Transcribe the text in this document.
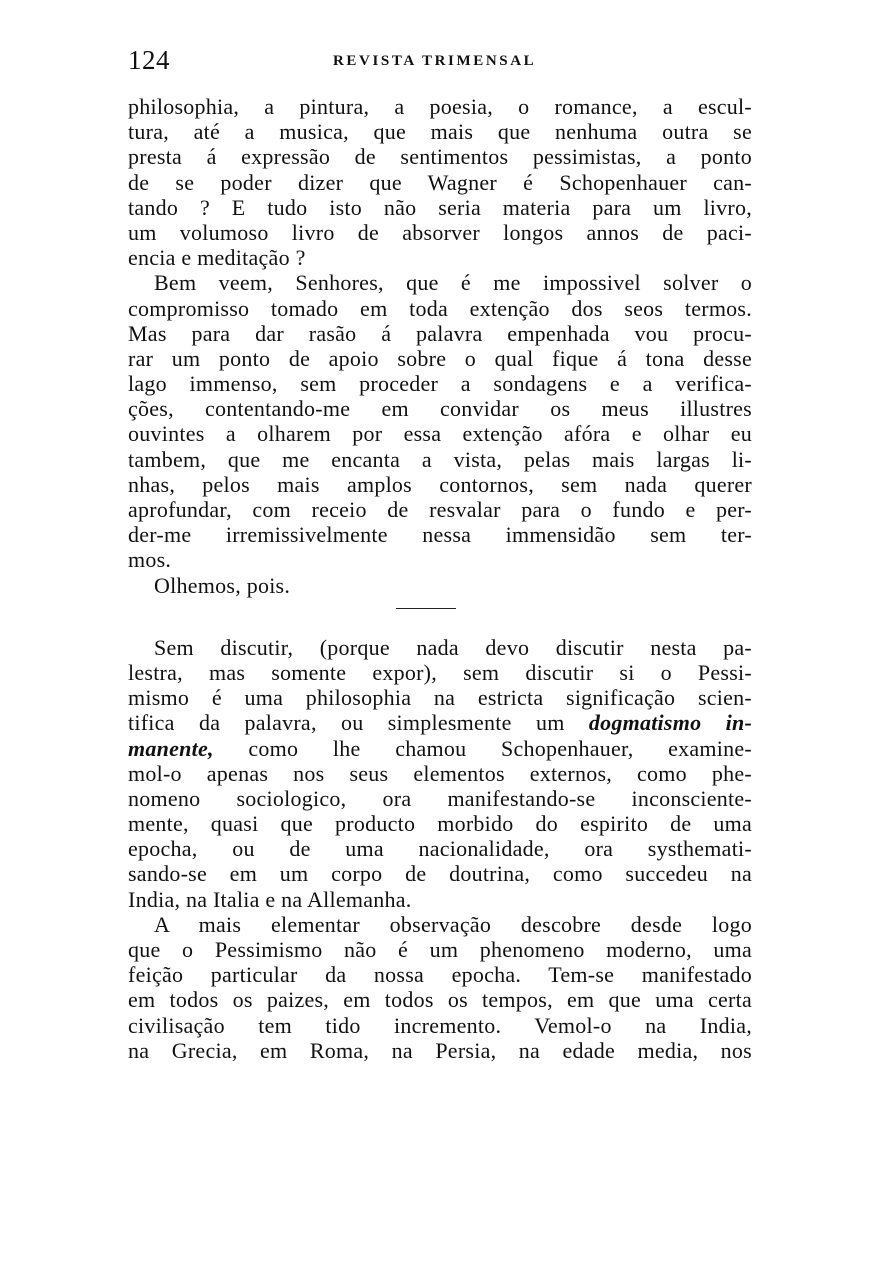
124	REVISTA TRIMENSAL
philosophia, a pintura, a poesia, o romance, a escul-
tura, até a musica, que mais que nenhuma outra se
presta á expressão de sentimentos pessimistas, a ponto
de se poder dizer que Wagner é Schopenhauer can-
tando ? E tudo isto não seria materia para um livro,
um volumoso livro de absorver longos annos de paci-
encia e meditação ?
Bem veem, Senhores, que é me impossivel solver o
compromisso tomado em toda extenção dos seos termos.
Mas para dar rasão á palavra empenhada vou procu-
rar um ponto de apoio sobre o qual fique á tona desse
lago immenso, sem proceder a sondagens e a verifica-
ções, contentando-me em convidar os meus illustres
ouvintes a olharem por essa extenção afóra e olhar eu
tambem, que me encanta a vista, pelas mais largas li-
nhas, pelos mais amplos contornos, sem nada querer
aprofundar, com receio de resvalar para o fundo e per-
der-me irremissivelmente nessa immensidão sem ter-
mos.
Olhemos, pois.
Sem discutir, (porque nada devo discutir nesta pa-
lestra, mas somente expor), sem discutir si o Pessi-
mismo é uma philosophia na estricta significação scien-
tifica da palavra, ou simplesmente um dogmatismo in-
manente, como lhe chamou Schopenhauer, examine-
mol-o apenas nos seus elementos externos, como phe-
nomeno sociologico, ora manifestando-se inconsciente-
mente, quasi que producto morbido do espirito de uma
epocha, ou de uma nacionalidade, ora systhemati-
sando-se em um corpo de doutrina, como succedeu na
India, na Italia e na Allemanha.
A mais elementar observação descobre desde logo
que o Pessimismo não é um phenomeno moderno, uma
feição particular da nossa epocha. Tem-se manifestado
em todos os paizes, em todos os tempos, em que uma certa
civilisação tem tido incremento. Vemol-o na India,
na Grecia, em Roma, na Persia, na edade media, nos
